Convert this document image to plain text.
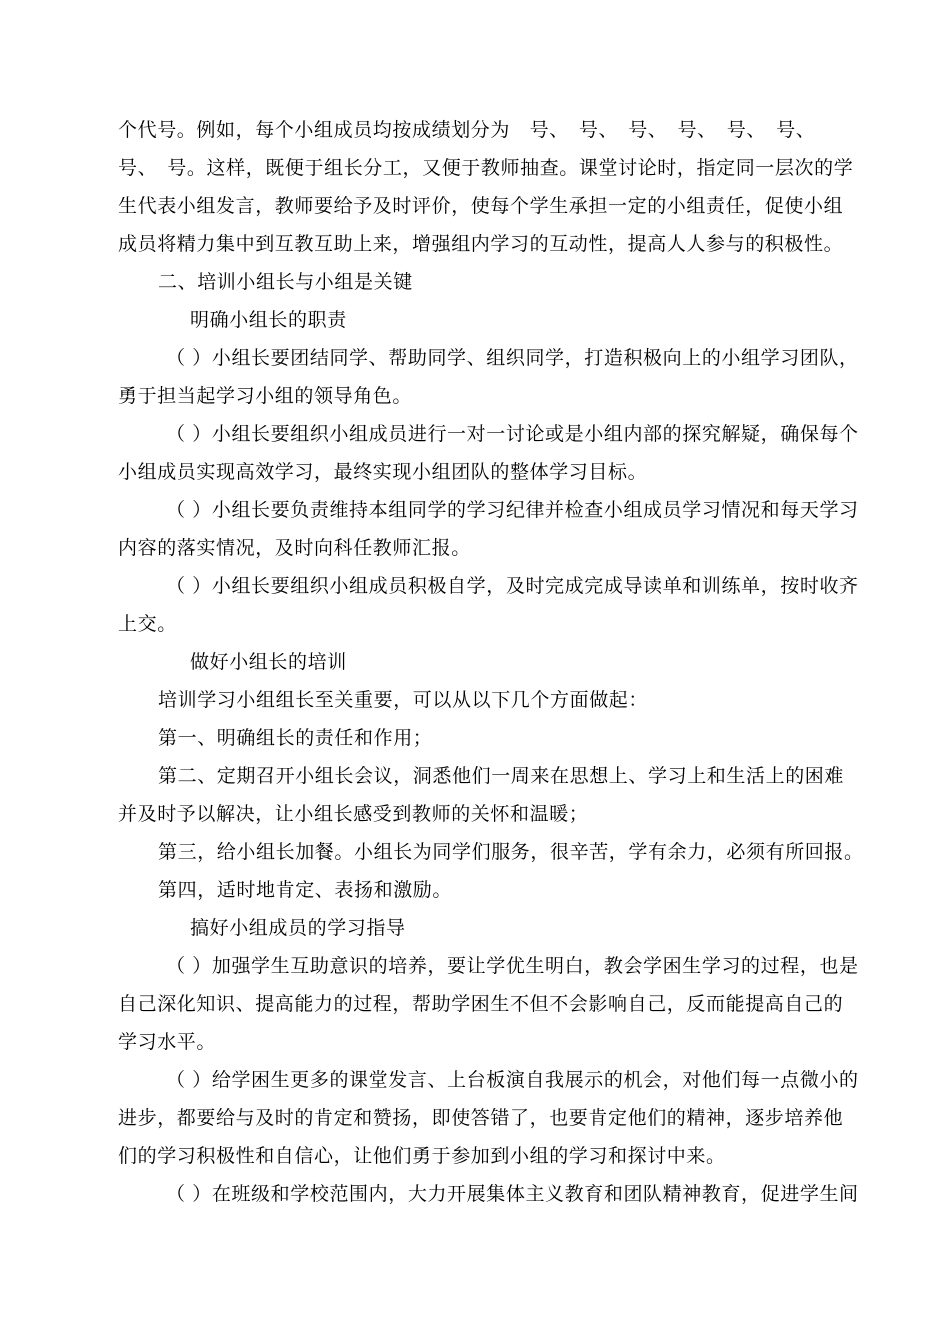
个代号。例如，每个小组成员均按成绩划分为　号、　号、　号、　号、　号、　号、
号、　号。这样，既便于组长分工，又便于教师抽查。课堂讨论时，指定同一层次的学
生代表小组发言，教师要给予及时评价，使每个学生承担一定的小组责任，促使小组
成员将精力集中到互教互助上来，增强组内学习的互动性，提高人人参与的积极性。
二、培训小组长与小组是关键
明确小组长的职责
（ ）小组长要团结同学、帮助同学、组织同学，打造积极向上的小组学习团队，
勇于担当起学习小组的领导角色。
（ ）小组长要组织小组成员进行一对一讨论或是小组内部的探究解疑，确保每个
小组成员实现高效学习，最终实现小组团队的整体学习目标。
（ ）小组长要负责维持本组同学的学习纪律并检查小组成员学习情况和每天学习
内容的落实情况，及时向科任教师汇报。
（ ）小组长要组织小组成员积极自学，及时完成完成导读单和训练单，按时收齐
上交。
做好小组长的培训
培训学习小组组长至关重要，可以从以下几个方面做起：
第一、明确组长的责任和作用；
第二、定期召开小组长会议，洞悉他们一周来在思想上、学习上和生活上的困难
并及时予以解决，让小组长感受到教师的关怀和温暖；
第三，给小组长加餐。小组长为同学们服务，很辛苦，学有余力，必须有所回报。
第四，适时地肯定、表扬和激励。
搞好小组成员的学习指导
（ ）加强学生互助意识的培养，要让学优生明白，教会学困生学习的过程，也是
自己深化知识、提高能力的过程，帮助学困生不但不会影响自己，反而能提高自己的
学习水平。
（ ）给学困生更多的课堂发言、上台板演自我展示的机会，对他们每一点微小的
进步，都要给与及时的肯定和赞扬，即使答错了，也要肯定他们的精神，逐步培养他
们的学习积极性和自信心，让他们勇于参加到小组的学习和探讨中来。
（ ）在班级和学校范围内，大力开展集体主义教育和团队精神教育，促进学生间
